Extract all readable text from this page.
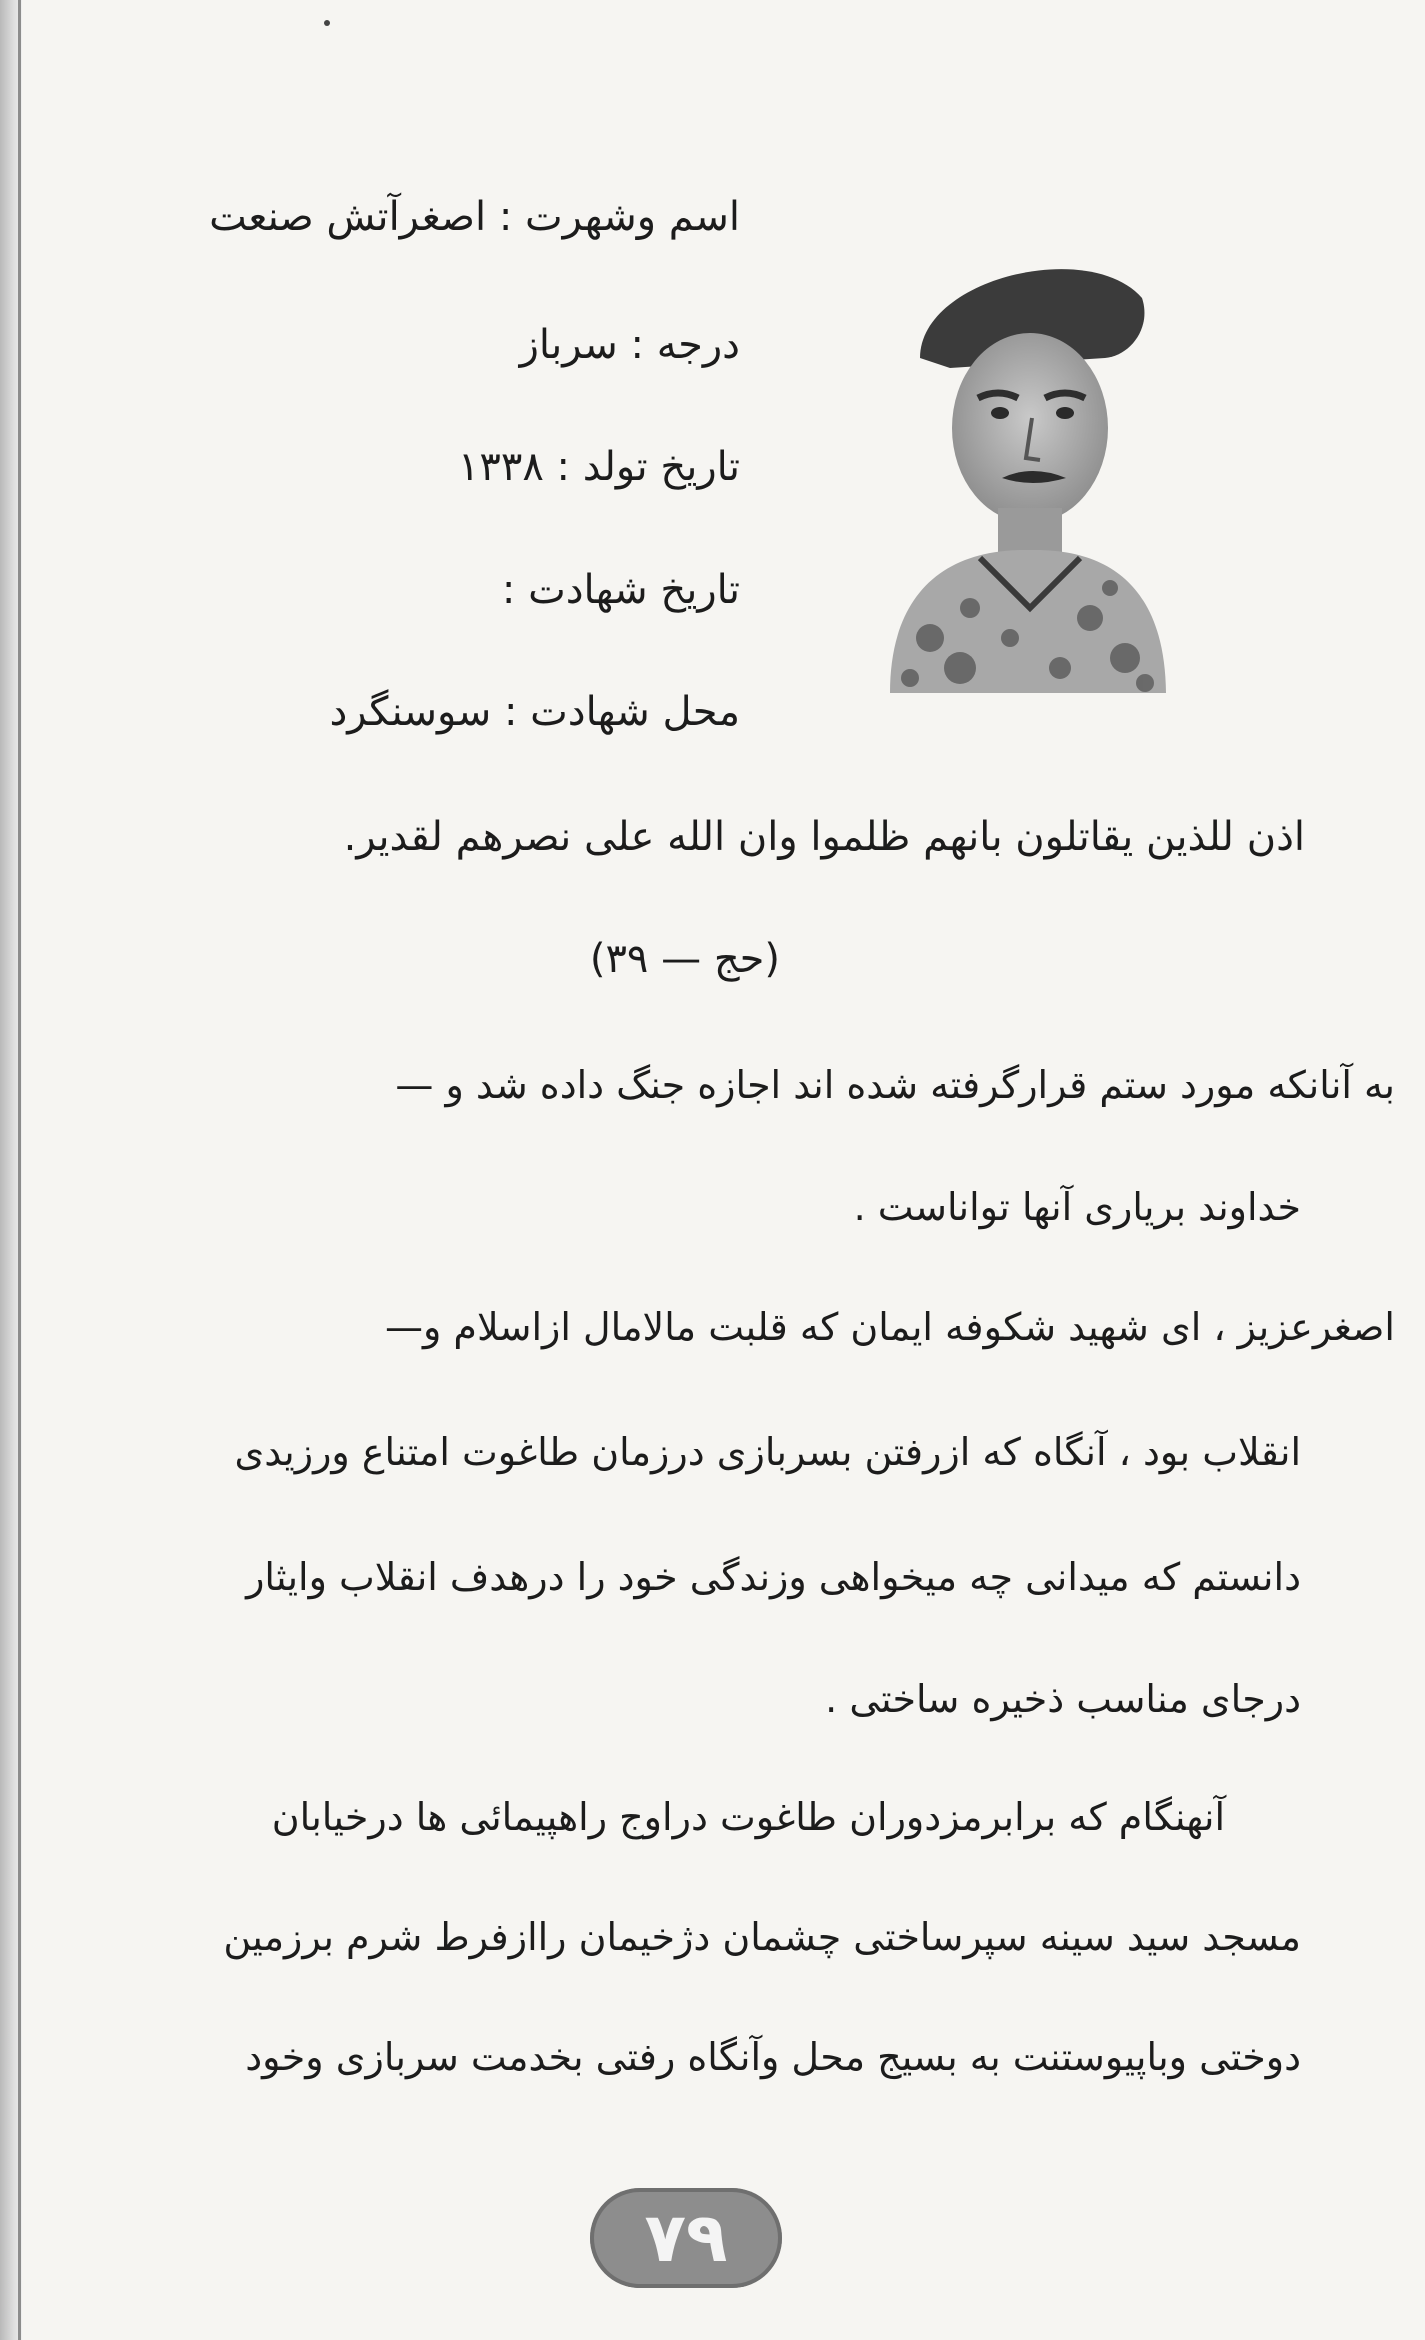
اسم وشهرت : اصغرآتش صنعت

درجه : سرباز

تاریخ تولد : ۱۳۳۸

تاریخ شهادت :

محل شهادت : سوسنگرد

اذن للذین یقاتلون بانهم ظلموا وان الله علی نصرهم لقدیر.

(حج — ۳۹)

به آنانکه مورد ستم قرارگرفته شده اند اجازه جنگ داده شد و —

خداوند بریاری آنها تواناست .

اصغرعزیز ، ای شهید شکوفه ایمان که قلبت مالامال ازاسلام و—

انقلاب بود ، آنگاه که ازرفتن بسربازی درزمان طاغوت امتناع ورزیدی

دانستم که میدانی چه میخواهی وزندگی خود را درهدف انقلاب وایثار

درجای مناسب ذخیره ساختی .

آنهنگام که برابرمزدوران طاغوت دراوج راهپیمائی ها درخیابان

مسجد سید سینه سپرساختی چشمان دژخیمان راازفرط شرم برزمین

دوختی وباپیوستنت به بسیج محل وآنگاه رفتی بخدمت سربازی وخود

۷۹
